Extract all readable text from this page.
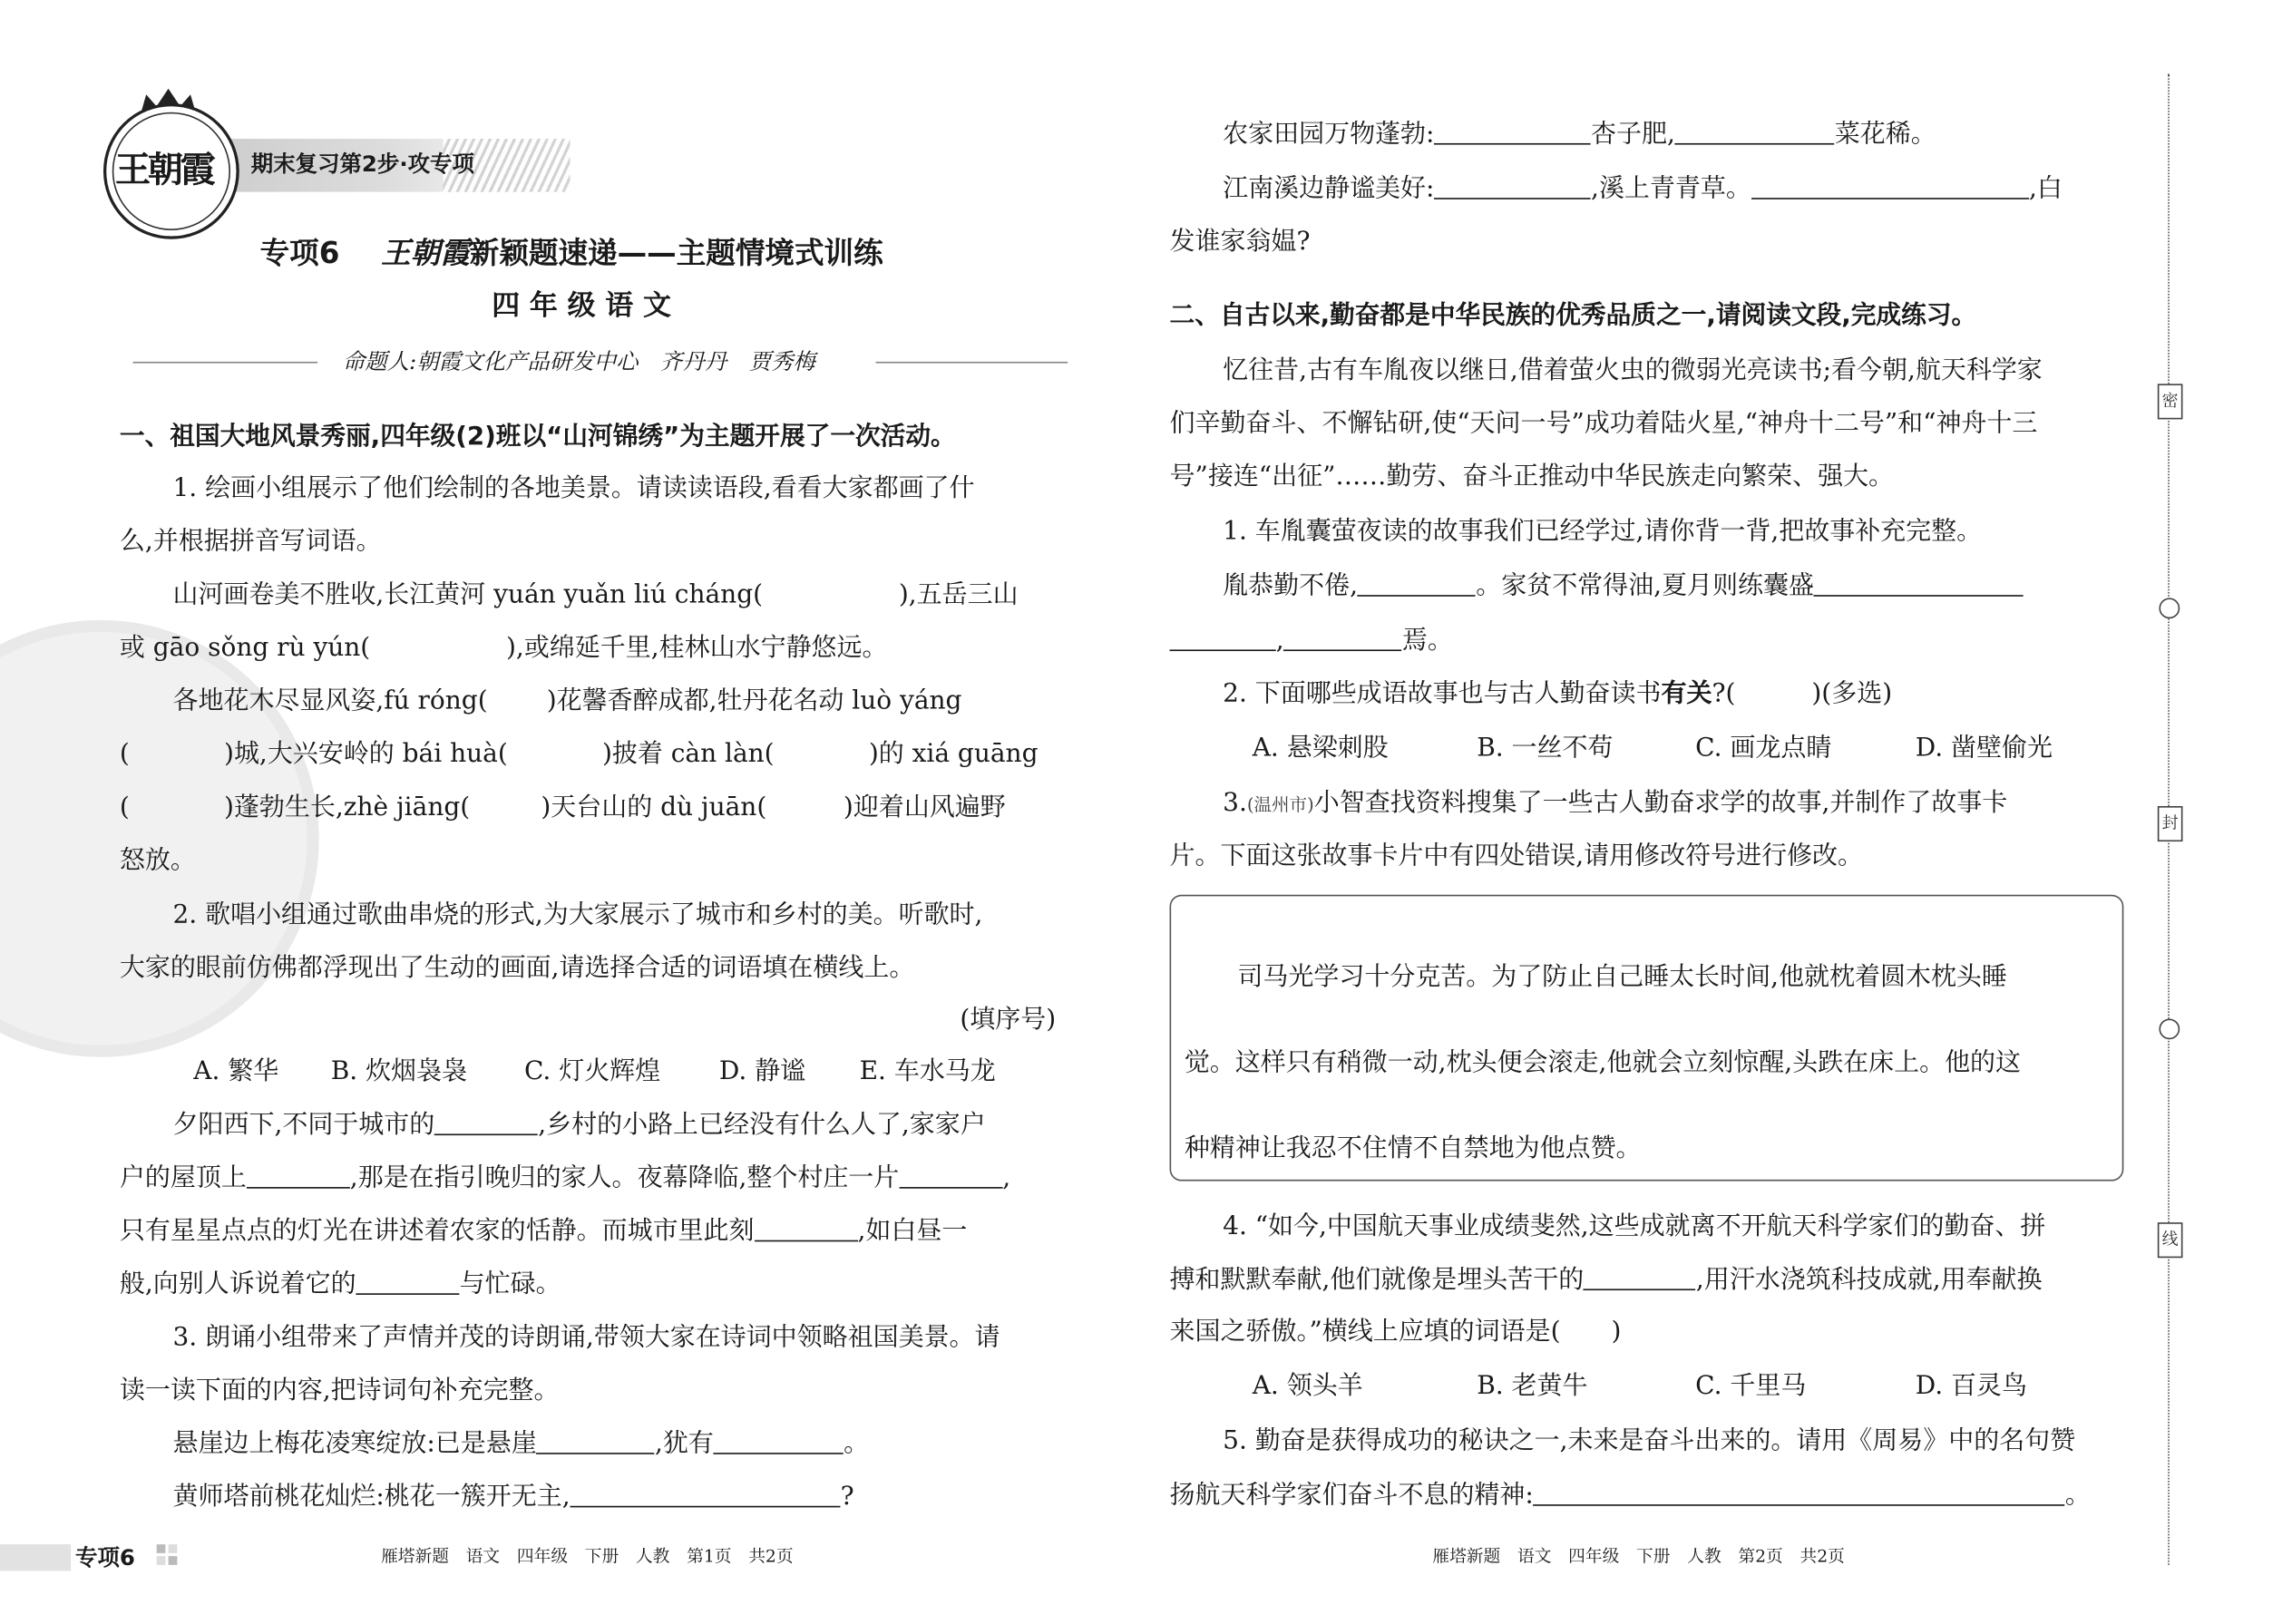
王朝霞	期末复习第2步·攻专项
专项6 王朝霞 新颖题速递——主题情境式训练
四 年 级 语 文
命题人:朝霞文化产品研发中心　齐丹丹　贾秀梅
一、祖国大地风景秀丽,四年级(2)班以“山河锦绣”为主题开展了一次活动。
1. 绘画小组展示了他们绘制的各地美景。请读读语段,看看大家都画了什
么,并根据拼音写词语。
山河画卷美不胜收,长江黄河 yuán yuǎn liú cháng(	),五岳三山
或 gāo sǒng rù yún(	),或绵延千里,桂林山水宁静悠远。
各地花木尽显风姿,fú róng(	)花馨香醉成都,牡丹花名动 luò yáng
(	)城,大兴安岭的 bái huà(	)披着 càn làn(	)的 xiá guāng
(	)蓬勃生长,zhè jiāng(	)天台山的 dù juān(	)迎着山风遍野
怒放。
2. 歌唱小组通过歌曲串烧的形式,为大家展示了城市和乡村的美。听歌时,
大家的眼前仿佛都浮现出了生动的画面,请选择合适的词语填在横线上。
(填序号)
A. 繁华	B. 炊烟袅袅	C. 灯火辉煌	D. 静谧	E. 车水马龙
夕阳西下,不同于城市的	,乡村的小路上已经没有什么人了,家家户
户的屋顶上	,那是在指引晚归的家人。夜幕降临,整个村庄一片	,
只有星星点点的灯光在讲述着农家的恬静。而城市里此刻	,如白昼一
般,向别人诉说着它的	与忙碌。
3. 朗诵小组带来了声情并茂的诗朗诵,带领大家在诗词中领略祖国美景。请
读一读下面的内容,把诗词句补充完整。
悬崖边上梅花凌寒绽放:已是悬崖	,犹有	。
黄师塔前桃花灿烂:桃花一簇开无主,	?
农家田园万物蓬勃:	杏子肥,	菜花稀。
江南溪边静谧美好:	,溪上青青草。	,白
发谁家翁媪?
二、自古以来,勤奋都是中华民族的优秀品质之一,请阅读文段,完成练习。
忆往昔,古有车胤夜以继日,借着萤火虫的微弱光亮读书;看今朝,航天科学家
们辛勤奋斗、不懈钻研,使“天问一号”成功着陆火星,“神舟十二号”和“神舟十三
号”接连“出征”……勤劳、奋斗正推动中华民族走向繁荣、强大。
1. 车胤囊萤夜读的故事我们已经学过,请你背一背,把故事补充完整。
胤恭勤不倦,	。家贫不常得油,夏月则练囊盛
,	焉。
2. 下面哪些成语故事也与古人勤奋读书有关?(　　　)(多选)
A. 悬梁刺股	B. 一丝不苟	C. 画龙点睛	D. 凿壁偷光
3.(温州市)小智查找资料搜集了一些古人勤奋求学的故事,并制作了故事卡
片。下面这张故事卡片中有四处错误,请用修改符号进行修改。
司马光学习十分克苦。为了防止自己睡太长时间,他就枕着圆木枕头睡
觉。这样只有稍微一动,枕头便会滚走,他就会立刻惊醒,头跌在床上。他的这
种精神让我忍不住情不自禁地为他点赞。
4. “如今,中国航天事业成绩斐然,这些成就离不开航天科学家们的勤奋、拼
搏和默默奉献,他们就像是埋头苦干的	,用汗水浇筑科技成就,用奉献换
来国之骄傲。”横线上应填的词语是(　　)
A. 领头羊	B. 老黄牛	C. 千里马	D. 百灵鸟
5. 勤奋是获得成功的秘诀之一,未来是奋斗出来的。请用《周易》中的名句赞
扬航天科学家们奋斗不息的精神:	。
密
封
线
专项6	雁塔新题　语文　四年级　下册　人教　第1页　共2页	雁塔新题　语文　四年级　下册　人教　第2页　共2页
